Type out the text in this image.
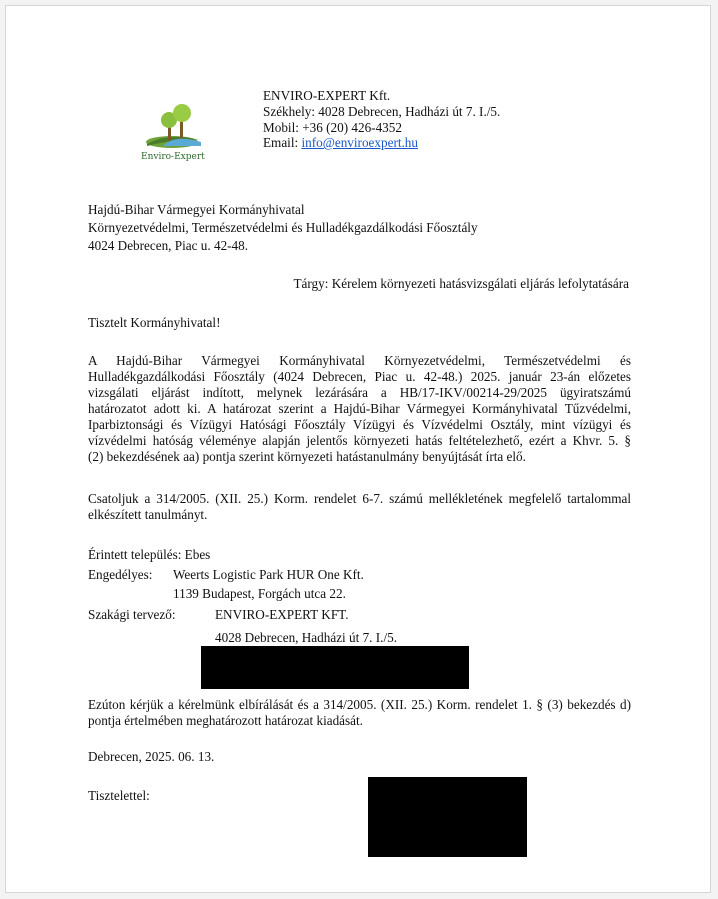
Enviro-Expert
ENVIRO-EXPERT Kft.
Székhely: 4028 Debrecen, Hadházi út 7. I./5.
Mobil: +36 (20) 426-4352
Email: info@enviroexpert.hu
Hajdú-Bihar Vármegyei Kormányhivatal
Környezetvédelmi, Természetvédelmi és Hulladékgazdálkodási Főosztály
4024 Debrecen, Piac u. 42-48.
Tárgy: Kérelem környezeti hatásvizsgálati eljárás lefolytatására
Tisztelt Kormányhivatal!
A Hajdú-Bihar Vármegyei Kormányhivatal Környezetvédelmi, Természetvédelmi és
Hulladékgazdálkodási Főosztály (4024 Debrecen, Piac u. 42-48.) 2025. január 23-án előzetes
vizsgálati eljárást indított, melynek lezárására a HB/17-IKV/00214-29/2025 ügyiratszámú
határozatot adott ki. A határozat szerint a Hajdú-Bihar Vármegyei Kormányhivatal Tűzvédelmi,
Iparbiztonsági és Vízügyi Hatósági Főosztály Vízügyi és Vízvédelmi Osztály, mint vízügyi és
vízvédelmi hatóság véleménye alapján jelentős környezeti hatás feltételezhető, ezért a Khvr. 5. §
(2) bekezdésének aa) pontja szerint környezeti hatástanulmány benyújtását írta elő.
Csatoljuk a 314/2005. (XII. 25.) Korm. rendelet 6-7. számú mellékletének megfelelő tartalommal
elkészített tanulmányt.
Érintett település: Ebes
Engedélyes: Weerts Logistic Park HUR One Kft.
1139 Budapest, Forgách utca 22.
Szakági tervező:	ENVIRO-EXPERT KFT.
4028 Debrecen, Hadházi út 7. I./5.
Ezúton kérjük a kérelmünk elbírálását és a 314/2005. (XII. 25.) Korm. rendelet 1. § (3) bekezdés d)
pontja értelmében meghatározott határozat kiadását.
Debrecen, 2025. 06. 13.
Tisztelettel:
